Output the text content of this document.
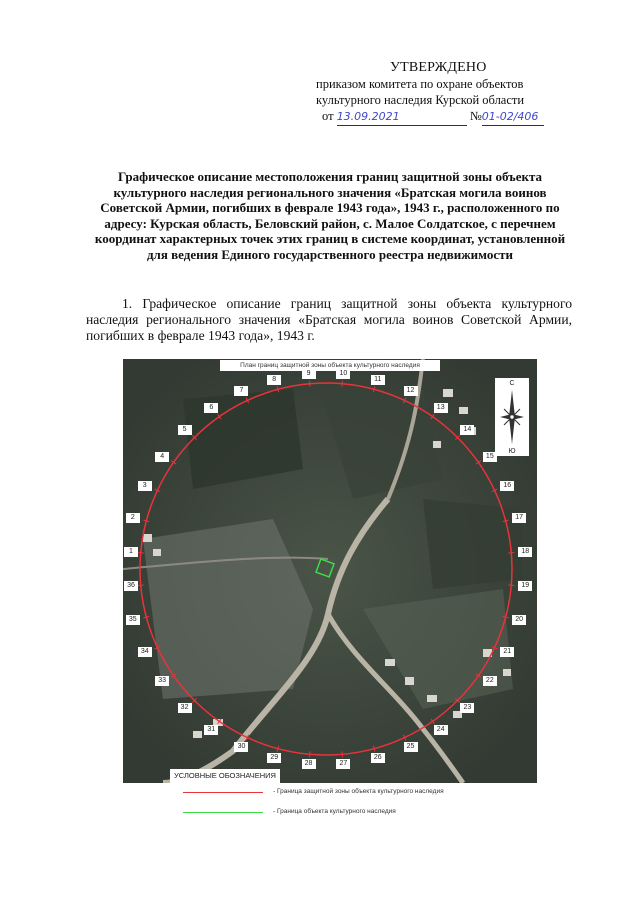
УТВЕРЖДЕНО
приказом комитета по охране объектов
культурного наследия Курской области
от 13.09.2021	№01-02/406
Графическое описание местоположения границ защитной зоны объекта культурного наследия регионального значения «Братская могила воинов Советской Армии, погибших в феврале 1943 года», 1943 г., расположенного по адресу: Курская область, Беловский район, с. Малое Солдатское, с перечнем координат характерных точек этих границ в системе координат, установленной для ведения Единого государственного реестра недвижимости
1. Графическое описание границ защитной зоны объекта культурного наследия регионального значения «Братская могила воинов Советской Армии, погибших в феврале 1943 года», 1943 г.
План границ защитной зоны объекта культурного наследия
С
Ю
1
2
3
4
5
6
7
8
9	10
11
12
13
14
15
16
17
18
19
20
21
22
23
24
25
26
27
28
29
30
31
32
33
34
35
36
УСЛОВНЫЕ ОБОЗНАЧЕНИЯ
- Граница защитной зоны объекта культурного наследия
- Граница объекта культурного наследия
